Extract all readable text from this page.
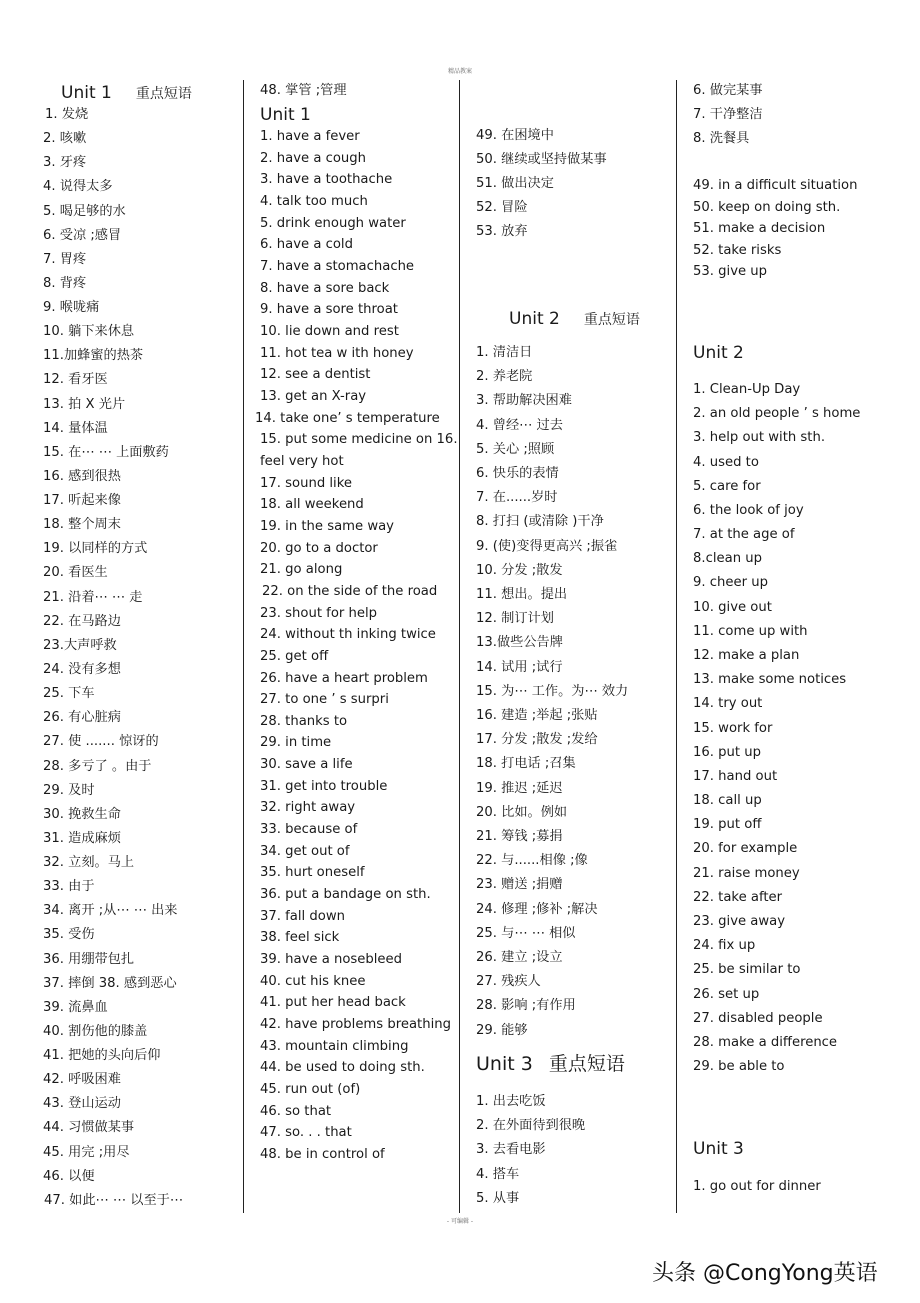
精品教案
Unit 1 重点短语
1. 发烧
2. 咳嗽
3. 牙疼
4. 说得太多
5. 喝足够的水
6. 受凉 ;感冒
7. 胃疼
8. 背疼
9. 喉咙痛
10. 躺下来休息
11.加蜂蜜的热茶
12. 看牙医
13. 拍 X 光片
14. 量体温
15. 在⋯ ⋯ 上面敷药
16. 感到很热
17. 听起来像
18. 整个周末
19. 以同样的方式
20. 看医生
21. 沿着⋯ ⋯ 走
22. 在马路边
23.大声呼救
24. 没有多想
25. 下车
26. 有心脏病
27. 使 ....... 惊讶的
28. 多亏了 。由于
29. 及时
30. 挽救生命
31. 造成麻烦
32. 立刻。马上
33. 由于
34. 离开 ;从⋯ ⋯ 出来
35. 受伤
36. 用绷带包扎
37. 摔倒 38. 感到恶心
39. 流鼻血
40. 割伤他的膝盖
41. 把她的头向后仰
42. 呼吸困难
43. 登山运动
44. 习惯做某事
45. 用完 ;用尽
46. 以便
47. 如此⋯ ⋯ 以至于⋯
48. 掌管 ;管理
Unit 1
1. have a fever
2. have a cough
3. have a toothache
4. talk too much
5. drink enough water
6. have a cold
7. have a stomachache
8. have a sore back
9. have a sore throat
10. lie down and rest
11. hot tea w ith honey
12. see a dentist
13. get an X-ray
14. take one’ s temperature
15. put some medicine on 16.
feel very hot
17. sound like
18. all weekend
19. in the same way
20. go to a doctor
21. go along
22. on the side of the road
23. shout for help
24. without th inking twice
25. get off
26. have a heart problem
27. to one ’ s surpri
28. thanks to
29. in time
30. save a life
31. get into trouble
32. right away
33. because of
34. get out of
35. hurt oneself
36. put a bandage on sth.
37. fall down
38. feel sick
39. have a nosebleed
40. cut his knee
41. put her head back
42. have problems breathing
43. mountain climbing
44. be used to doing sth.
45. run out (of)
46. so that
47. so. . . that
48. be in control of
49. 在困境中
50. 继续或坚持做某事
51. 做出决定
52. 冒险
53. 放弃
Unit 2 重点短语
1. 清洁日
2. 养老院
3. 帮助解决困难
4. 曾经⋯ 过去
5. 关心 ;照顾
6. 快乐的表情
7. 在......岁时
8. 打扫 (或清除 )干净
9. (使)变得更高兴 ;振雀
10. 分发 ;散发
11. 想出。提出
12. 制订计划
13.做些公告牌
14. 试用 ;试行
15. 为⋯ 工作。为⋯ 效力
16. 建造 ;举起 ;张贴
17. 分发 ;散发 ;发给
18. 打电话 ;召集
19. 推迟 ;延迟
20. 比如。例如
21. 筹钱 ;募捐
22. 与......相像 ;像
23. 赠送 ;捐赠
24. 修理 ;修补 ;解决
25. 与⋯ ⋯ 相似
26. 建立 ;设立
27. 残疾人
28. 影响 ;有作用
29. 能够
Unit 3 重点短语
1. 出去吃饭
2. 在外面待到很晚
3. 去看电影
4. 搭车
5. 从事
6. 做完某事
7. 干净整洁
8. 洗餐具
49. in a difficult situation
50. keep on doing sth.
51. make a decision
52. take risks
53. give up
Unit 2
1. Clean-Up Day
2. an old people ’ s home
3. help out with sth.
4. used to
5. care for
6. the look of joy
7. at the age of
8.clean up
9. cheer up
10. give out
11. come up with
12. make a plan
13. make some notices
14. try out
15. work for
16. put up
17. hand out
18. call up
19. put off
20. for example
21. raise money
22. take after
23. give away
24. fix up
25. be similar to
26. set up
27. disabled people
28. make a difference
29. be able to
Unit 3
1. go out for dinner
- 可编辑 -
头条 @CongYong英语
